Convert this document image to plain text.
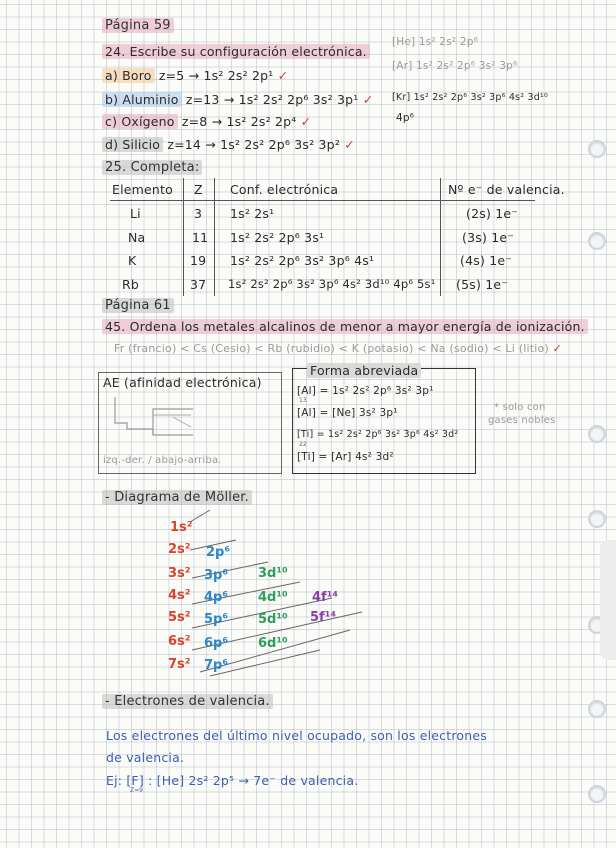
Página 59
24. Escribe su configuración electrónica.
a) Boro z=5 → 1s² 2s² 2p¹ ✓
b) Aluminio z=13 → 1s² 2s² 2p⁶ 3s² 3p¹ ✓
c) Oxígeno z=8 → 1s² 2s² 2p⁴ ✓
d) Silicio z=14 → 1s² 2s² 2p⁶ 3s² 3p² ✓
[He] 1s² 2s² 2p⁶
[Ar] 1s² 2s² 2p⁶ 3s² 3p⁶
[Kr] 1s² 2s² 2p⁶ 3s² 3p⁶ 4s² 3d¹⁰
4p⁶
25. Completa:
Elemento Z Conf. electrónica	Nº e⁻ de valencia.
Li	3 1s² 2s¹	(2s) 1e⁻
Na	11 1s² 2s² 2p⁶ 3s¹	(3s) 1e⁻
K	19 1s² 2s² 2p⁶ 3s² 3p⁶ 4s¹	(4s) 1e⁻
Rb	37 1s² 2s² 2p⁶ 3s² 3p⁶ 4s² 3d¹⁰ 4p⁶ 5s¹ (5s) 1e⁻
Página 61
45. Ordena los metales alcalinos de menor a mayor energía de ionización.
Fr (francio) < Cs (Cesio) < Rb (rubidio) < K (potasio) < Na (sodio) < Li (litio) ✓
AE (afinidad electrónica)
izq.-der. / abajo-arriba.
Forma abreviada
[Al] = 1s² 2s² 2p⁶ 3s² 3p¹
[Al] = [Ne] 3s² 3p¹
[Ti] = 1s² 2s² 2p⁶ 3s² 3p⁶ 4s² 3d²
[Ti] = [Ar] 4s² 3d²
13
22
* solo con
gases nobles
- Diagrama de Möller.
1s²
2s²
3s²
4s²
5s²
6s²
7s²
2p⁶
3p⁶
4p⁶
5p⁶
6p⁶
7p⁶
3d¹⁰
4d¹⁰
5d¹⁰
6d¹⁰
4f¹⁴
5f¹⁴
- Electrones de valencia.
Los electrones del último nivel ocupado, son los electrones
de valencia.
Ej: [F] : [He] 2s² 2p⁵ → 7e⁻ de valencia.
Z=9
